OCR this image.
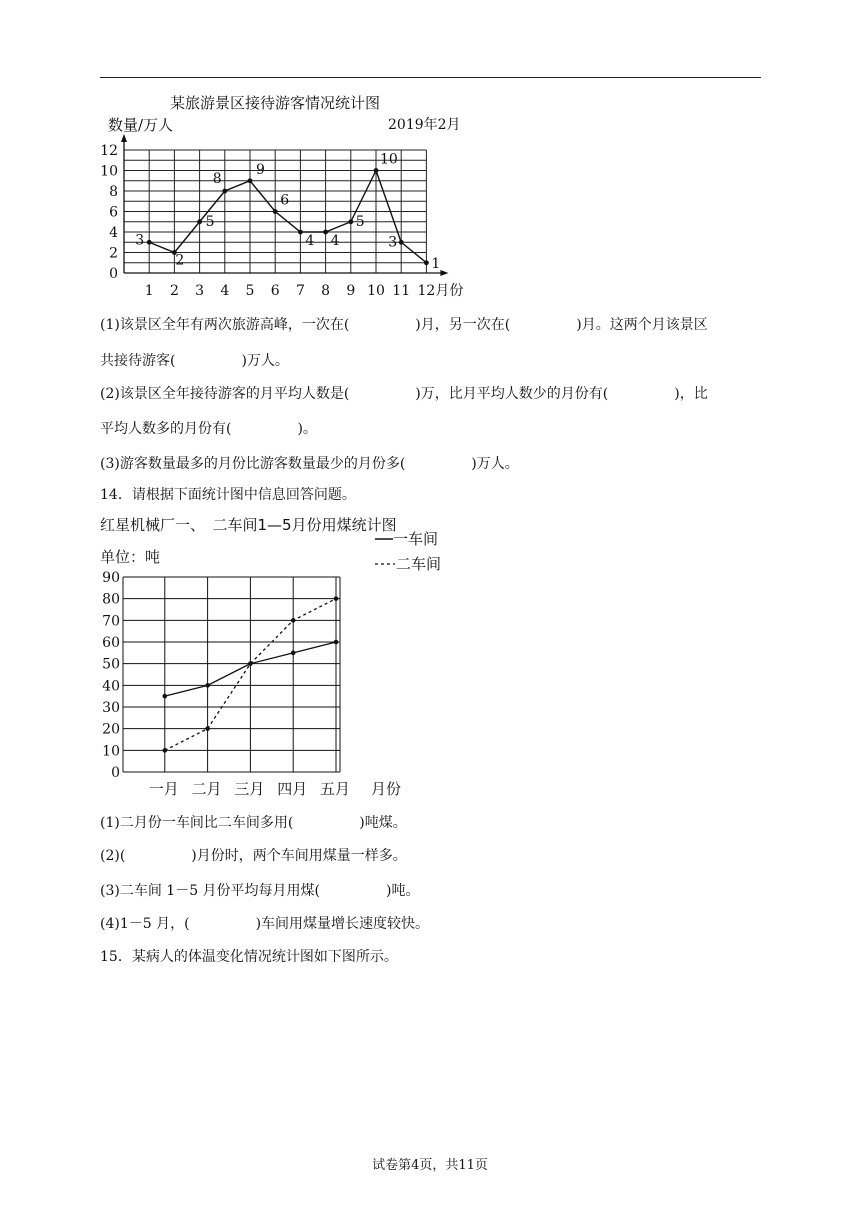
某旅游景区接待游客情况统计图
数量/万人	2019年2月
0
2
4
6
8
10
12
1 2 3 4 5 6 7 8 9 10 11 12 月份
3
2
5
8
9
6
4 4
5
10
3
1
(1)该景区全年有两次旅游高峰，一次在(	)月，另一次在(	)月。这两个月该景区
共接待游客(	)万人。
(2)该景区全年接待游客的月平均人数是(	)万，比月平均人数少的月份有(	)，比
平均人数多的月份有(	)。
(3)游客数量最多的月份比游客数量最少的月份多(	)万人。
14．请根据下面统计图中信息回答问题。
红星机械厂一、　二车间1—5月份用煤统计图
单位：吨
0
10
20
30
40
50
60
70
80
90
一月 二月 三月 四月 五月 月份
一车间
二车间
(1)二月份一车间比二车间多用(	)吨煤。
(2)(	)月份时，两个车间用煤量一样多。
(3)二车间 1－5 月份平均每月用煤(	)吨。
(4)1－5 月，(	)车间用煤量增长速度较快。
15．某病人的体温变化情况统计图如下图所示。
试卷第4页，共11页
